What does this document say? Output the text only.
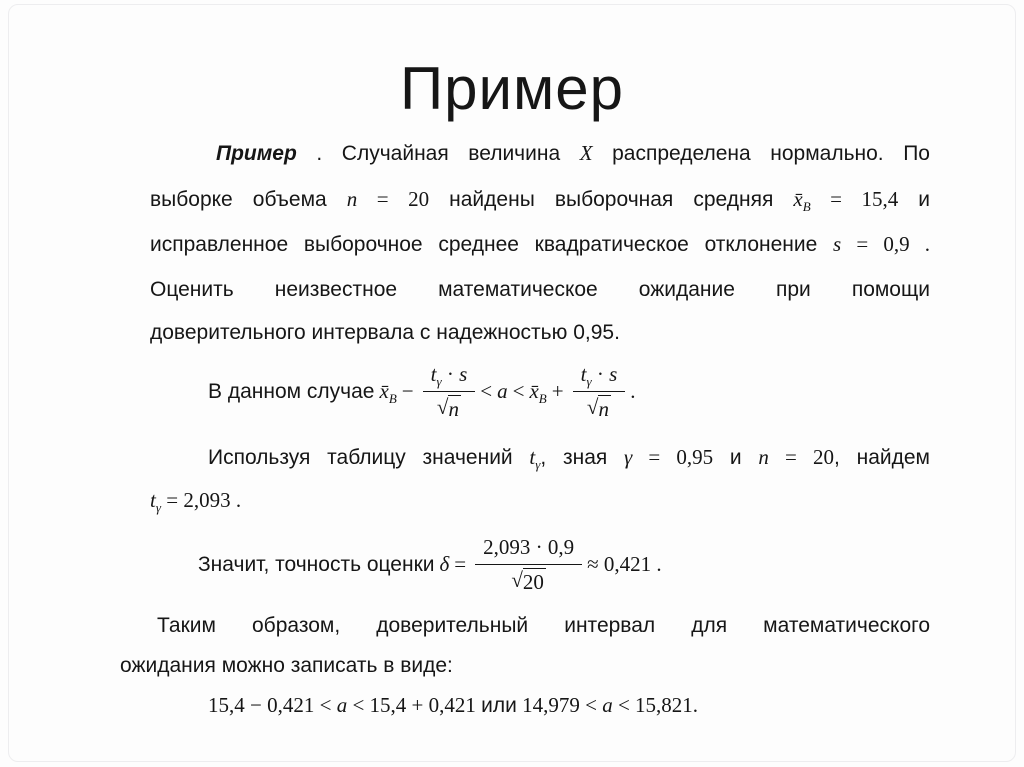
Пример
Пример . Случайная величина X распределена нормально. По
выборке объема n = 20 найдены выборочная средняя $x̄_B = 15,4$ и
исправленное выборочное среднее квадратическое отклонение s = 0,9 .
Оценить неизвестное математическое ожидание при помощи
доверительного интервала с надежностью 0,95.
В данном случае $x̄_B - \frac{t_\gamma \cdot s}{√ n} < a$ < $x̄_B + \frac{t_\gamma \cdot s}{√ n}$ .
Используя таблицу значений $t_\gamma$, зная γ = 0,95 и n = 20, найдем
$t_\gamma = 2,093$ .
Значит, точность оценки $\delta = \frac{2,093 \cdot 0,9}{√ 20} \approx 0,421$ .
Таким образом, доверительный интервал для математического
ожидания можно записать в виде:
15,4 − 0,421 < a < 15,4 + 0,421 или 14,979 < a < 15,821.
